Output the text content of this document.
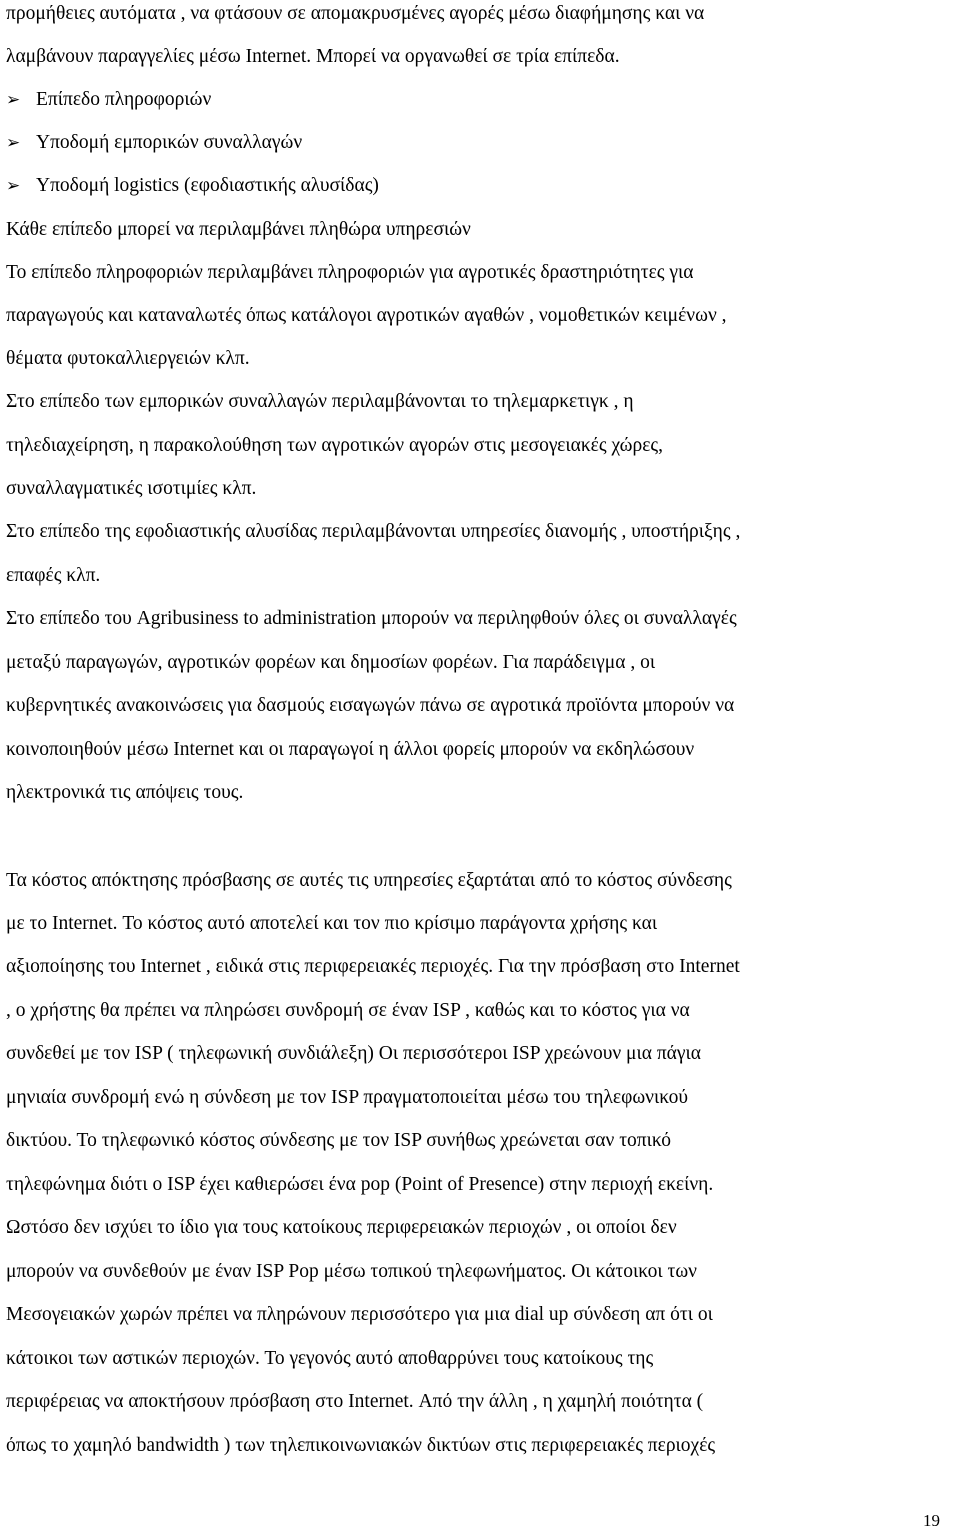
προμήθειες αυτόματα , να φτάσουν σε απομακρυσμένες αγορές μέσω διαφήμησης και να
λαμβάνουν παραγγελίες μέσω Internet. Μπορεί να οργανωθεί σε τρία επίπεδα.
➢ Επίπεδο πληροφοριών
➢ Υποδομή εμπορικών συναλλαγών
➢ Υποδομή logistics (εφοδιαστικής αλυσίδας)
Κάθε επίπεδο μπορεί να περιλαμβάνει πληθώρα υπηρεσιών
Το επίπεδο πληροφοριών περιλαμβάνει πληροφοριών για αγροτικές δραστηριότητες για
παραγωγούς και καταναλωτές όπως κατάλογοι αγροτικών αγαθών , νομοθετικών κειμένων ,
θέματα φυτοκαλλιεργειών κλπ.
Στο επίπεδο των εμπορικών συναλλαγών περιλαμβάνονται το τηλεμαρκετιγκ , η
τηλεδιαχείρηση, η παρακολούθηση των αγροτικών αγορών στις μεσογειακές χώρες,
συναλλαγματικές ισοτιμίες κλπ.
Στο επίπεδο της εφοδιαστικής αλυσίδας περιλαμβάνονται υπηρεσίες διανομής , υποστήριξης ,
επαφές κλπ.
Στο επίπεδο του Agribusiness to administration μπορούν να περιληφθούν όλες οι συναλλαγές
μεταξύ παραγωγών, αγροτικών φορέων και δημοσίων φορέων. Για παράδειγμα , οι
κυβερνητικές ανακοινώσεις για δασμούς εισαγωγών πάνω σε αγροτικά προϊόντα μπορούν να
κοινοποιηθούν μέσω Internet και οι παραγωγοί η άλλοι φορείς μπορούν να εκδηλώσουν
ηλεκτρονικά τις απόψεις τους.
Τα κόστος απόκτησης πρόσβασης σε αυτές τις υπηρεσίες εξαρτάται από το κόστος σύνδεσης
με το Internet. Το κόστος αυτό αποτελεί και τον πιο κρίσιμο παράγοντα χρήσης και
αξιοποίησης του Internet , ειδικά στις περιφερειακές περιοχές. Για την πρόσβαση στο Internet
, ο χρήστης θα πρέπει να πληρώσει συνδρομή σε έναν ISP , καθώς και το κόστος για να
συνδεθεί με τον ISP ( τηλεφωνική συνδιάλεξη) Οι περισσότεροι ISP χρεώνουν μια πάγια
μηνιαία συνδρομή ενώ η σύνδεση με τον ISP πραγματοποιείται μέσω του τηλεφωνικού
δικτύου. Το τηλεφωνικό κόστος σύνδεσης με τον ISP συνήθως χρεώνεται σαν τοπικό
τηλεφώνημα διότι ο ISP έχει καθιερώσει ένα pop (Point of Presence) στην περιοχή εκείνη.
Ωστόσο δεν ισχύει το ίδιο για τους κατοίκους περιφερειακών περιοχών , οι οποίοι δεν
μπορούν να συνδεθούν με έναν ISP Pop μέσω τοπικού τηλεφωνήματος. Οι κάτοικοι των
Μεσογειακών χωρών πρέπει να πληρώνουν περισσότερο για μια dial up σύνδεση απ ότι οι
κάτοικοι των αστικών περιοχών. Το γεγονός αυτό αποθαρρύνει τους κατοίκους της
περιφέρειας να αποκτήσουν πρόσβαση στο Internet. Από την άλλη , η χαμηλή ποιότητα (
όπως το χαμηλό bandwidth ) των τηλεπικοινωνιακών δικτύων στις περιφερειακές περιοχές
19
